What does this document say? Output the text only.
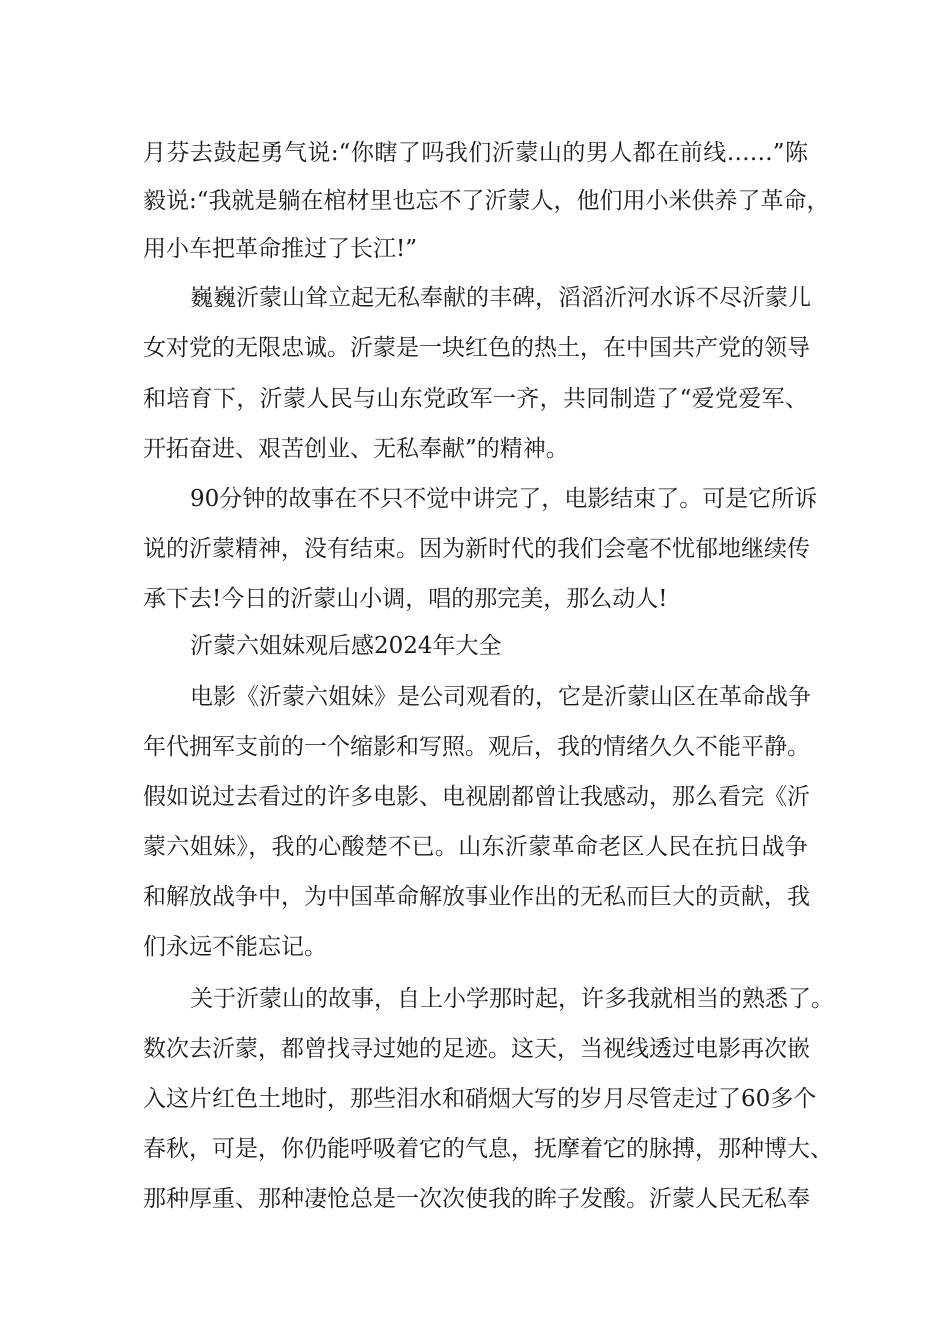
月芬去鼓起勇气说:“你瞎了吗我们沂蒙山的男人都在前线……”陈
毅说:“我就是躺在棺材里也忘不了沂蒙人，他们用小米供养了革命，
用小车把革命推过了长江!”
巍巍沂蒙山耸立起无私奉献的丰碑，滔滔沂河水诉不尽沂蒙儿
女对党的无限忠诚。沂蒙是一块红色的热土，在中国共产党的领导
和培育下，沂蒙人民与山东党政军一齐，共同制造了“爱党爱军、
开拓奋进、艰苦创业、无私奉献”的精神。
90分钟的故事在不只不觉中讲完了，电影结束了。可是它所诉
说的沂蒙精神，没有结束。因为新时代的我们会毫不忧郁地继续传
承下去!今日的沂蒙山小调，唱的那完美，那么动人!
沂蒙六姐妹观后感2024年大全
电影《沂蒙六姐妹》是公司观看的，它是沂蒙山区在革命战争
年代拥军支前的一个缩影和写照。观后，我的情绪久久不能平静。
假如说过去看过的许多电影、电视剧都曾让我感动，那么看完《沂
蒙六姐妹》，我的心酸楚不已。山东沂蒙革命老区人民在抗日战争
和解放战争中，为中国革命解放事业作出的无私而巨大的贡献，我
们永远不能忘记。
关于沂蒙山的故事，自上小学那时起，许多我就相当的熟悉了。
数次去沂蒙，都曾找寻过她的足迹。这天，当视线透过电影再次嵌
入这片红色土地时，那些泪水和硝烟大写的岁月尽管走过了60多个
春秋，可是，你仍能呼吸着它的气息，抚摩着它的脉搏，那种博大、
那种厚重、那种凄怆总是一次次使我的眸子发酸。沂蒙人民无私奉
